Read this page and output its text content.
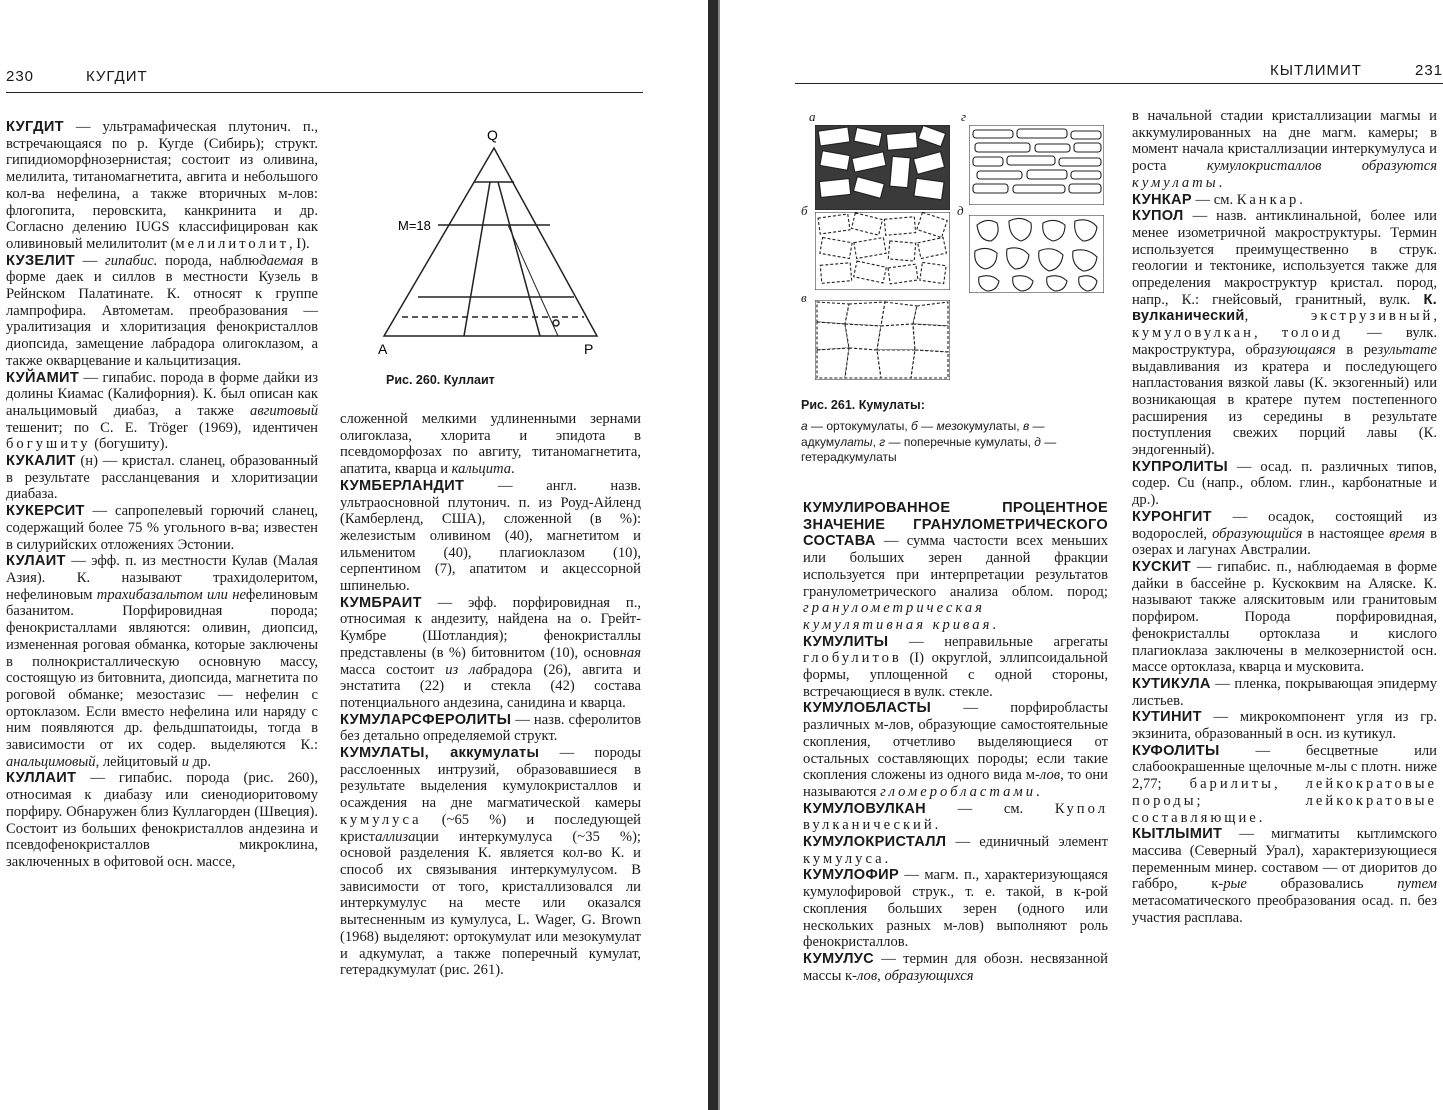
230	КУГДИТ

КУГДИТ — ультрамафическая плутонич. п., встречающаяся по р. Кугде (Сибирь); структ. гипидиоморфнозернистая; состоит из оливина, мелилита, титаномагнетита, авгита и небольшого кол-ва нефелина, а также вторичных м-лов: флогопита, перовскита, канкринита и др. Согласно делению IUGS классифицирован как оливиновый мелилитолит (мелилитолит, I).

КУЗЕЛИТ — гипабис. порода, наблюдаемая в форме даек и силлов в местности Кузель в Рейнском Палатинате. К. относят к группе лампрофира. Автометам. преобразования — уралитизация и хлоритизация фенокристаллов диопсида, замещение лабрадора олигоклазом, а также окварцевание и кальцитизация.

КУЙАМИТ — гипабис. порода в форме дайки из долины Киамас (Калифорния). К. был описан как анальцимовый диабаз, а также авгитовый тешенит; по С. Е. Tröger (1969), идентичен богушиту (богушиту).

КУКАЛИТ (н) — кристал. сланец, образованный в результате рассланцевания и хлоритизации диабаза.

КУКЕРСИТ — сапропелевый горючий сланец, содержащий более 75 % угольного в-ва; известен в силурийских отложениях Эстонии.

КУЛАИТ — эфф. п. из местности Кулав (Малая Азия). К. называют трахидолеритом, нефелиновым трахибазальтом или нефелиновым базанитом. Порфировидная порода; фенокристаллами являются: оливин, диопсид, измененная роговая обманка, которые заключены в полнокристаллическую основную массу, состоящую из битовнита, диопсида, магнетита по роговой обманке; мезостазис — нефелин с ортоклазом. Если вместо нефелина или наряду с ним появляются др. фельдшпатоиды, тогда в зависимости от их содер. выделяются К.: анальцимовый, лейцитовый и др.

КУЛЛАИТ — гипабис. порода (рис. 260), относимая к диабазу или сиенодиоритовому порфиру. Обнаружен близ Куллагорден (Швеция). Состоит из больших фенокристаллов андезина и псевдофенокристаллов микроклина, заключенных в офитовой осн. массе,

Q
M=18
A	P
Рис. 260. Куллаит

сложенной мелкими удлиненными зернами олигоклаза, хлорита и эпидота в псевдоморфозах по авгиту, титаномагнетита, апатита, кварца и кальцита.

КУМБЕРЛАНДИТ — англ. назв. ультраосновной плутонич. п. из Роуд-Айленд (Камберленд, США), сложенной (в %): железистым оливином (40), магнетитом и ильменитом (40), плагиоклазом (10), серпентином (7), апатитом и акцессорной шпинелью.

КУМБРАИТ — эфф. порфировидная п., относимая к андезиту, найдена на о. Грейт-Кумбре (Шотландия); фенокристаллы представлены (в %) битовнитом (10), основная масса состоит из лабрадора (26), авгита и энстатита (22) и стекла (42) состава потенциального андезина, санидина и кварца.

КУМУЛАРСФЕРОЛИТЫ — назв. сферолитов без детально определяемой структ.

КУМУЛАТЫ, аккумулаты — породы расслоенных интрузий, образовавшиеся в результате выделения кумулокристаллов и осаждения на дне магматической камеры кумулуса (~65 %) и последующей кристаллизации интеркумулуса (~35 %); основой разделения К. является кол-во К. и способ их связывания интеркумулусом. В зависимости от того, кристаллизовался ли интеркумулус на месте или оказался вытесненным из кумулуса, L. Wager, G. Brown (1968) выделяют: ортокумулат или мезокумулат и адкумулат, а также поперечный кумулат, гетерадкумулат (рис. 261).

КЫТЛИМИТ	231
а	г
б	д
в
Рис. 261. Кумулаты:
а — ортокумулаты, б — мезокумулаты, в — адкумулаты, г — поперечные кумулаты, д — гетерадкумулаты

КУМУЛИРОВАННОЕ ПРОЦЕНТНОЕ ЗНАЧЕНИЕ ГРАНУЛОМЕТРИЧЕСКОГО СОСТАВА — сумма частости всех меньших или больших зерен данной фракции используется при интерпретации результатов гранулометрического анализа облом. пород; гранулометрическая кумулятивная кривая.

КУМУЛИТЫ — неправильные агрегаты глобулитов (I) округлой, эллипсоидальной формы, уплощенной с одной стороны, встречающиеся в вулк. стекле.

КУМУЛОБЛАСТЫ — порфиробласты различных м-лов, образующие самостоятельные скопления, отчетливо выделяющиеся от остальных составляющих породы; если такие скопления сложены из одного вида м-лов, то они называются гломеробластами.

КУМУЛОВУЛКАН — см. Купол вулканический.

КУМУЛОКРИСТАЛЛ — единичный элемент кумулуса.

КУМУЛОФИР — магм. п., характеризующаяся кумулофировой струк., т. е. такой, в к-рой скопления больших зерен (одного или нескольких разных м-лов) выполняют роль фенокристаллов.

КУМУЛУС — термин для обозн. несвязанной массы к-лов, образующихся

в начальной стадии кристаллизации магмы и аккумулированных на дне магм. камеры; в момент начала кристаллизации интеркумулуса и роста кумулокристаллов образуются кумулаты.

КУНКАР — см. Канкар.

КУПОЛ — назв. антиклинальной, более или менее изометричной макроструктуры. Термин используется преимущественно в струк. геологии и тектонике, используется также для определения макроструктур кристал. пород, напр., К.: гнейсовый, гранитный, вулк. К. вулканический, экструзивный, кумуловулкан, толоид — вулк. макроструктура, образующаяся в результате выдавливания из кратера и последующего напластования вязкой лавы (К. экзогенный) или возникающая в кратере путем постепенного расширения из середины в результате поступления свежих порций лавы (К. эндогенный).

КУПРОЛИТЫ — осад. п. различных типов, содер. Cu (напр., облом. глин., карбонатные и др.).

КУРОНГИТ — осадок, состоящий из водорослей, образующийся в настоящее время в озерах и лагунах Австралии.

КУСКИТ — гипабис. п., наблюдаемая в форме дайки в бассейне р. Кускоквим на Аляске. К. называют также аляскитовым или гранитовым порфиром. Порода порфировидная, фенокристаллы ортоклаза и кислого плагиоклаза заключены в мелкозернистой осн. массе ортоклаза, кварца и мусковита.

КУТИКУЛА — пленка, покрывающая эпидерму листьев.

КУТИНИТ — микрокомпонент угля из гр. экзинита, образованный в осн. из кутикул.

КУФОЛИТЫ — бесцветные или слабоокрашенные щелочные м-лы с плотн. ниже 2,77; барилиты, лейкократовые породы; лейкократовые составляющие.

КЫТЛЫМИТ — мигматиты кытлимского массива (Северный Урал), характеризующиеся переменным минер. составом — от диоритов до габбро, к-рые образовались путем метасоматического преобразования осад. п. без участия расплава.
